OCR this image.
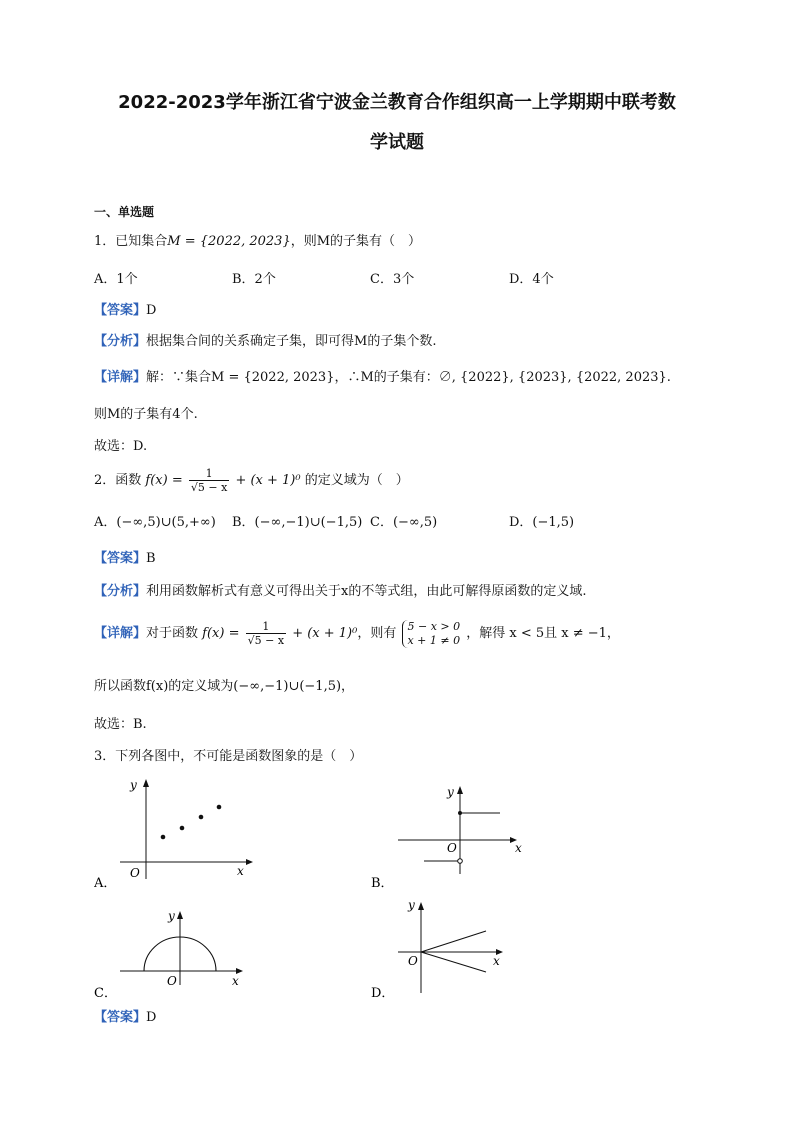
2022-2023学年浙江省宁波金兰教育合作组织高一上学期期中联考数
学试题
一、单选题
1．已知集合M = {2022, 2023}，则M的子集有（　）
A．1个	B．2个	C．3个	D．4个
【答案】D
【分析】根据集合间的关系确定子集，即可得M的子集个数.
【详解】解：∵集合M = {2022, 2023}，∴M的子集有：∅, {2022}, {2023}, {2022, 2023}.
则M的子集有4个.
故选：D.
2．函数 $f(x) = \frac{1}{√5 - x} + (x + 1)^0$ 的定义域为（　）
A．(−∞,5)∪(5,+∞) B．(−∞,−1)∪(−1,5) C．(−∞,5)	D．(−1,5)
【答案】B
【分析】利用函数解析式有意义可得出关于x的不等式组，由此可解得原函数的定义域.
【详解】对于函数 $f(x) = \frac{1}{√5 - x} + (x + 1)^0$，则有 5 − x > 0
x + 1 ≠ 0 ，解得 x < 5且 x ≠ −1，
所以函数f(x)的定义域为(−∞,−1)∪(−1,5)，
故选：B.
3．下列各图中，不可能是函数图象的是（　）
A．
y
x
O
B．
y
x
O
C．
y
x
O
D．
y
x
O
【答案】D
